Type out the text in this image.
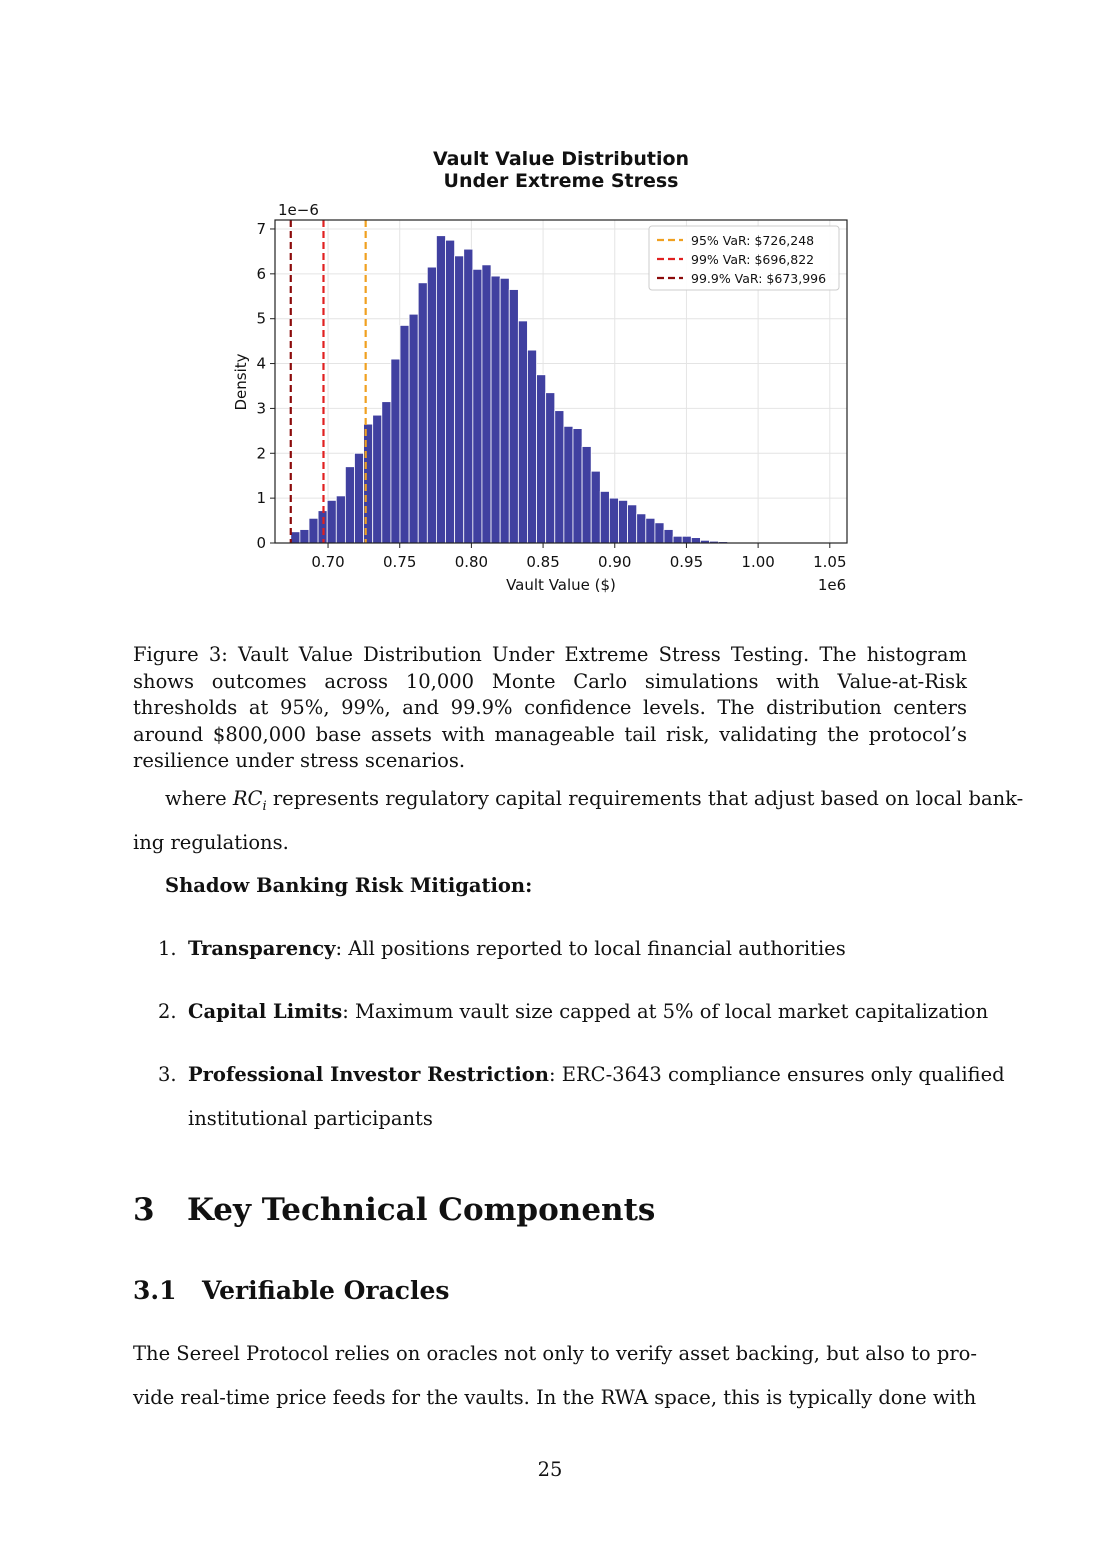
Vault Value Distribution
Under Extreme Stress
1e−6
0.70	0.75	0.80	0.85	0.90	0.95	1.00	1.05
0
1
2
3
4
5
6
7
Vault Value ($)	1e6
Density
95% VaR: $726,248
99% VaR: $696,822
99.9% VaR: $673,996
Figure 3: Vault Value Distribution Under Extreme Stress Testing. The histogram shows outcomes across 10,000 Monte Carlo simulations with Value-at-Risk thresholds at 95%, 99%, and 99.9% confidence levels. The distribution centers around $800,000 base assets with manageable tail risk, validating the protocol’s resilience under stress scenarios.
where $RC_i$ represents regulatory capital requirements that adjust based on local bank-
ing regulations.
Shadow Banking Risk Mitigation:
1. Transparency: All positions reported to local financial authorities
2. Capital Limits: Maximum vault size capped at 5% of local market capitalization
3. Professional Investor Restriction: ERC-3643 compliance ensures only qualified
institutional participants
3 Key Technical Components
3.1 Verifiable Oracles
The Sereel Protocol relies on oracles not only to verify asset backing, but also to pro-
vide real-time price feeds for the vaults. In the RWA space, this is typically done with
25
